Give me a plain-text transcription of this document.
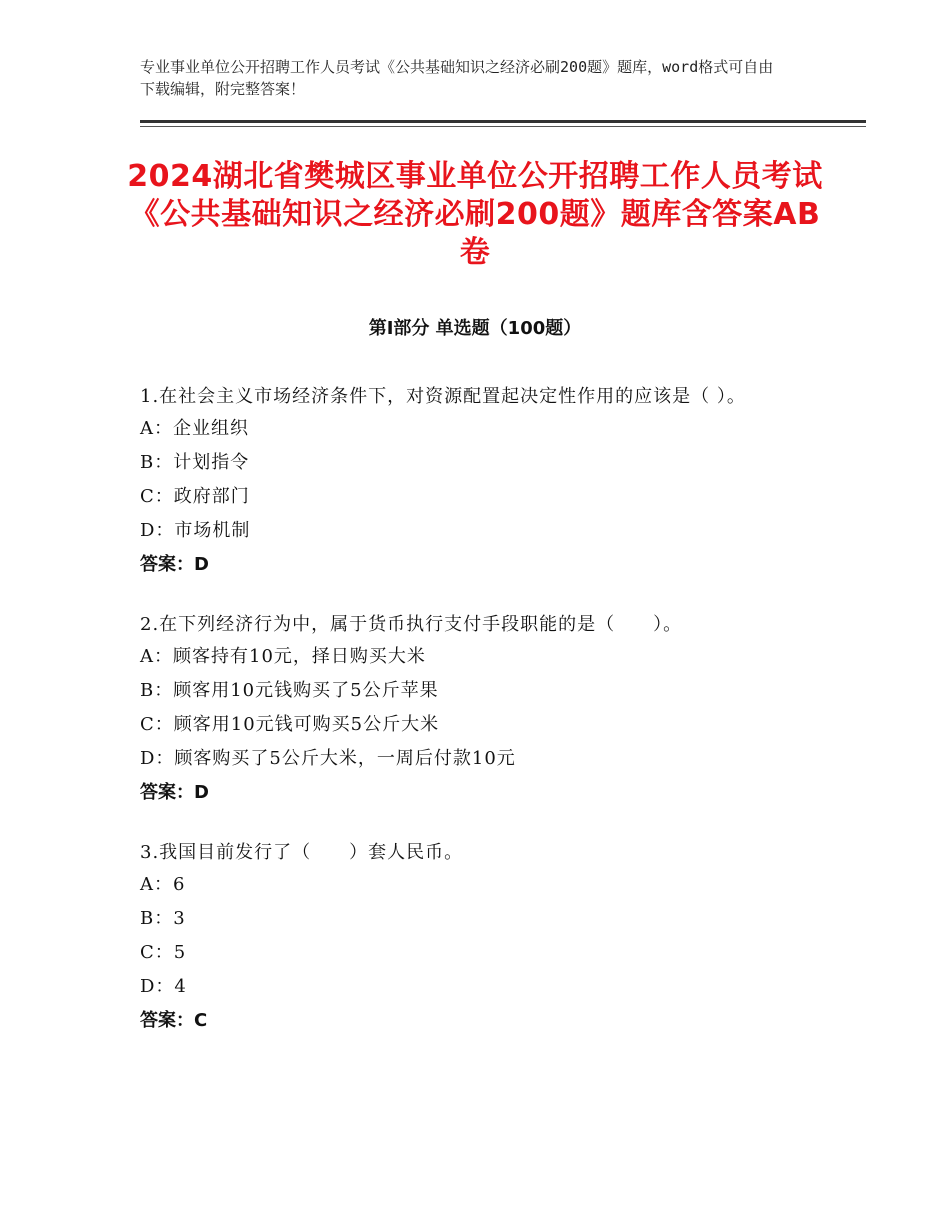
专业事业单位公开招聘工作人员考试《公共基础知识之经济必刷200题》题库，word格式可自由下载编辑，附完整答案！
2024湖北省樊城区事业单位公开招聘工作人员考试《公共基础知识之经济必刷200题》题库含答案AB卷
第Ⅰ部分 单选题（100题）
1.在社会主义市场经济条件下，对资源配置起决定性作用的应该是（ ）。
A：企业组织
B：计划指令
C：政府部门
D：市场机制
答案：D
2.在下列经济行为中，属于货币执行支付手段职能的是（　　）。
A：顾客持有10元，择日购买大米
B：顾客用10元钱购买了5公斤苹果
C：顾客用10元钱可购买5公斤大米
D：顾客购买了5公斤大米，一周后付款10元
答案：D
3.我国目前发行了（　　）套人民币。
A：6
B：3
C：5
D：4
答案：C
